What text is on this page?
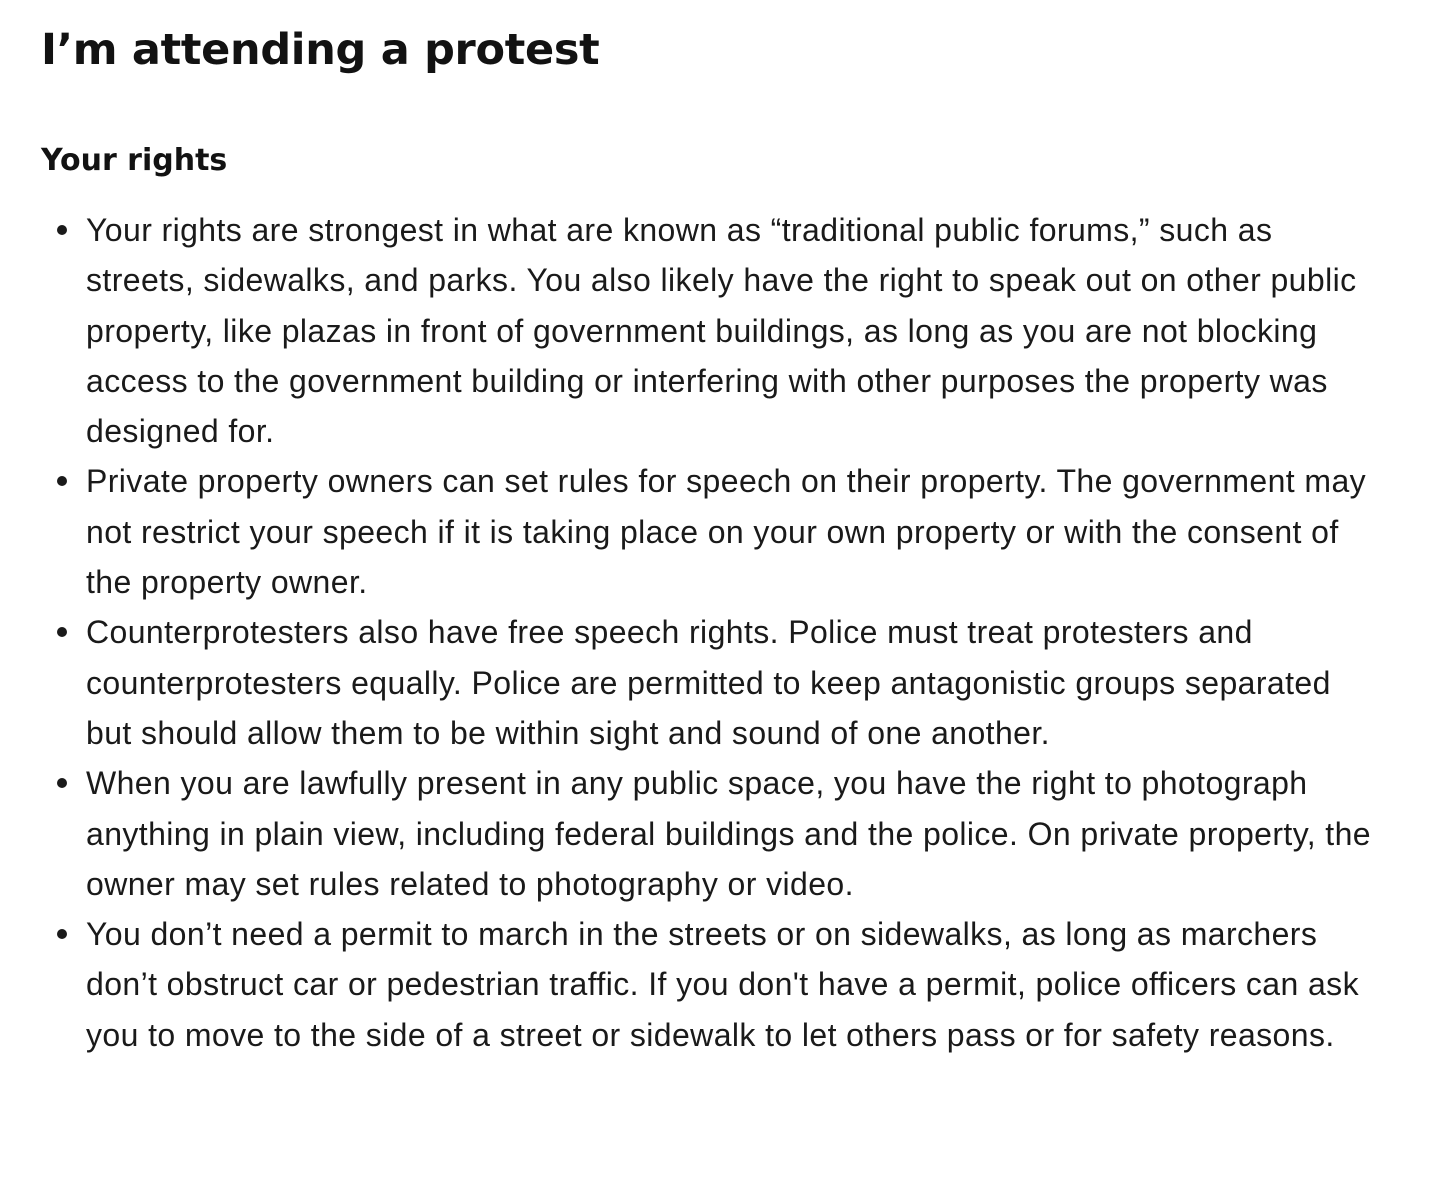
I’m attending a protest
Your rights
Your rights are strongest in what are known as “traditional public forums,” such as streets, sidewalks, and parks. You also likely have the right to speak out on other public property, like plazas in front of government buildings, as long as you are not blocking access to the government building or interfering with other purposes the property was designed for.
Private property owners can set rules for speech on their property. The government may not restrict your speech if it is taking place on your own property or with the consent of the property owner.
Counterprotesters also have free speech rights. Police must treat protesters and counterprotesters equally. Police are permitted to keep antagonistic groups separated but should allow them to be within sight and sound of one another.
When you are lawfully present in any public space, you have the right to photograph anything in plain view, including federal buildings and the police. On private property, the owner may set rules related to photography or video.
You don’t need a permit to march in the streets or on sidewalks, as long as marchers don’t obstruct car or pedestrian traffic. If you don't have a permit, police officers can ask you to move to the side of a street or sidewalk to let others pass or for safety reasons.
